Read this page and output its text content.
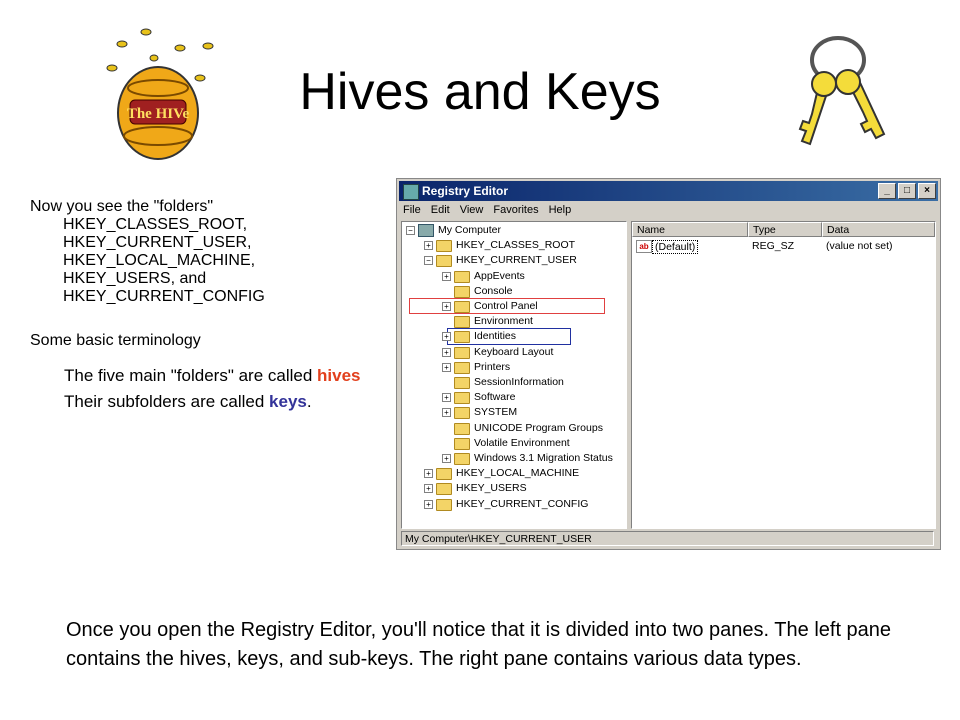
Hives and Keys
The HIVe
Now you see the "folders"
HKEY_CLASSES_ROOT,
HKEY_CURRENT_USER,
HKEY_LOCAL_MACHINE,
HKEY_USERS, and
HKEY_CURRENT_CONFIG
Some basic terminology
The five main "folders" are called hives
Their subfolders are called keys.
Registry Editor	_	□	×
File Edit View Favorites Help
− My Computer
+ HKEY_CLASSES_ROOT
− HKEY_CURRENT_USER
+ AppEvents
Console
+ Control Panel
Environment
+ Identities
+ Keyboard Layout
+ Printers
SessionInformation
+ Software
+ SYSTEM
UNICODE Program Groups
Volatile Environment
+ Windows 3.1 Migration Status
+ HKEY_LOCAL_MACHINE
+ HKEY_USERS
+ HKEY_CURRENT_CONFIG
Name	Type	Data
ab (Default)	REG_SZ	(value not set)
My Computer\HKEY_CURRENT_USER
Once you open the Registry Editor, you'll notice that it is divided into two panes. The left pane contains the hives, keys, and sub-keys. The right pane contains various data types.
